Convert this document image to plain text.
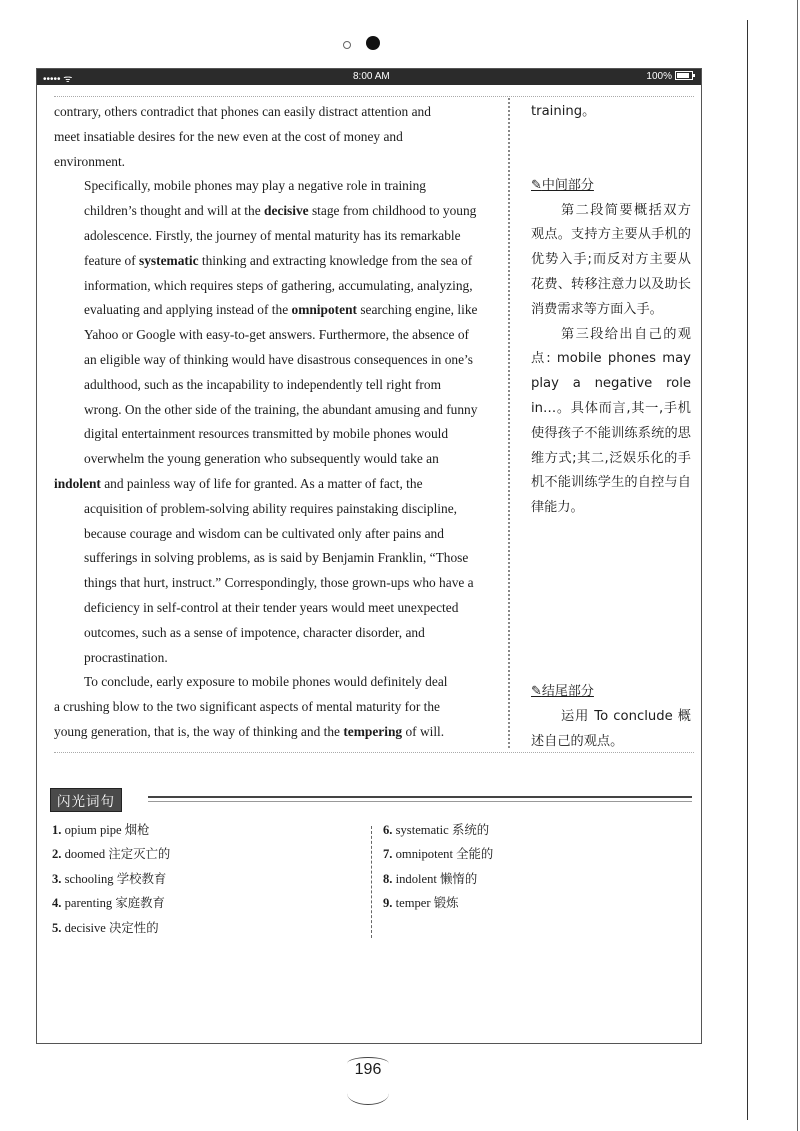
••••• ᯤ	8:00 AM	100%

contrary, others contradict that phones can easily distract attention and
meet insatiable desires for the new even at the cost of money and
environment.

Specifically, mobile phones may play a negative role in training
children’s thought and will at the decisive stage from childhood to young
adolescence. Firstly, the journey of mental maturity has its remarkable
feature of systematic thinking and extracting knowledge from the sea of
information, which requires steps of gathering, accumulating, analyzing,
evaluating and applying instead of the omnipotent searching engine, like
Yahoo or Google with easy-to-get answers. Furthermore, the absence of
an eligible way of thinking would have disastrous consequences in one’s
adulthood, such as the incapability to independently tell right from
wrong. On the other side of the training, the abundant amusing and funny
digital entertainment resources transmitted by mobile phones would
overwhelm the young generation who subsequently would take an
indolent and painless way of life for granted. As a matter of fact, the
acquisition of problem-solving ability requires painstaking discipline,
because courage and wisdom can be cultivated only after pains and
sufferings in solving problems, as is said by Benjamin Franklin, “Those
things that hurt, instruct.” Correspondingly, those grown-ups who have a
deficiency in self-control at their tender years would meet unexpected
outcomes, such as a sense of impotence, character disorder, and
procrastination.

To conclude, early exposure to mobile phones would definitely deal
a crushing blow to the two significant aspects of mental maturity for the
young generation, that is, the way of thinking and the tempering of will.

training。
✎中间部分
第二段简要概括双方观点。支持方主要从手机的优势入手;而反对方主要从花费、转移注意力以及助长消费需求等方面入手。
第三段给出自己的观点: mobile phones may play a negative role in…。具体而言,其一,手机使得孩子不能训练系统的思维方式;其二,泛娱乐化的手机不能训练学生的自控与自律能力。
✎结尾部分
运用 To conclude 概述自己的观点。
闪光词句
1. opium pipe 烟枪
2. doomed 注定灭亡的
3. schooling 学校教育
4. parenting 家庭教育
5. decisive 决定性的
6. systematic 系统的
7. omnipotent 全能的
8. indolent 懒惰的
9. temper 锻炼
196
